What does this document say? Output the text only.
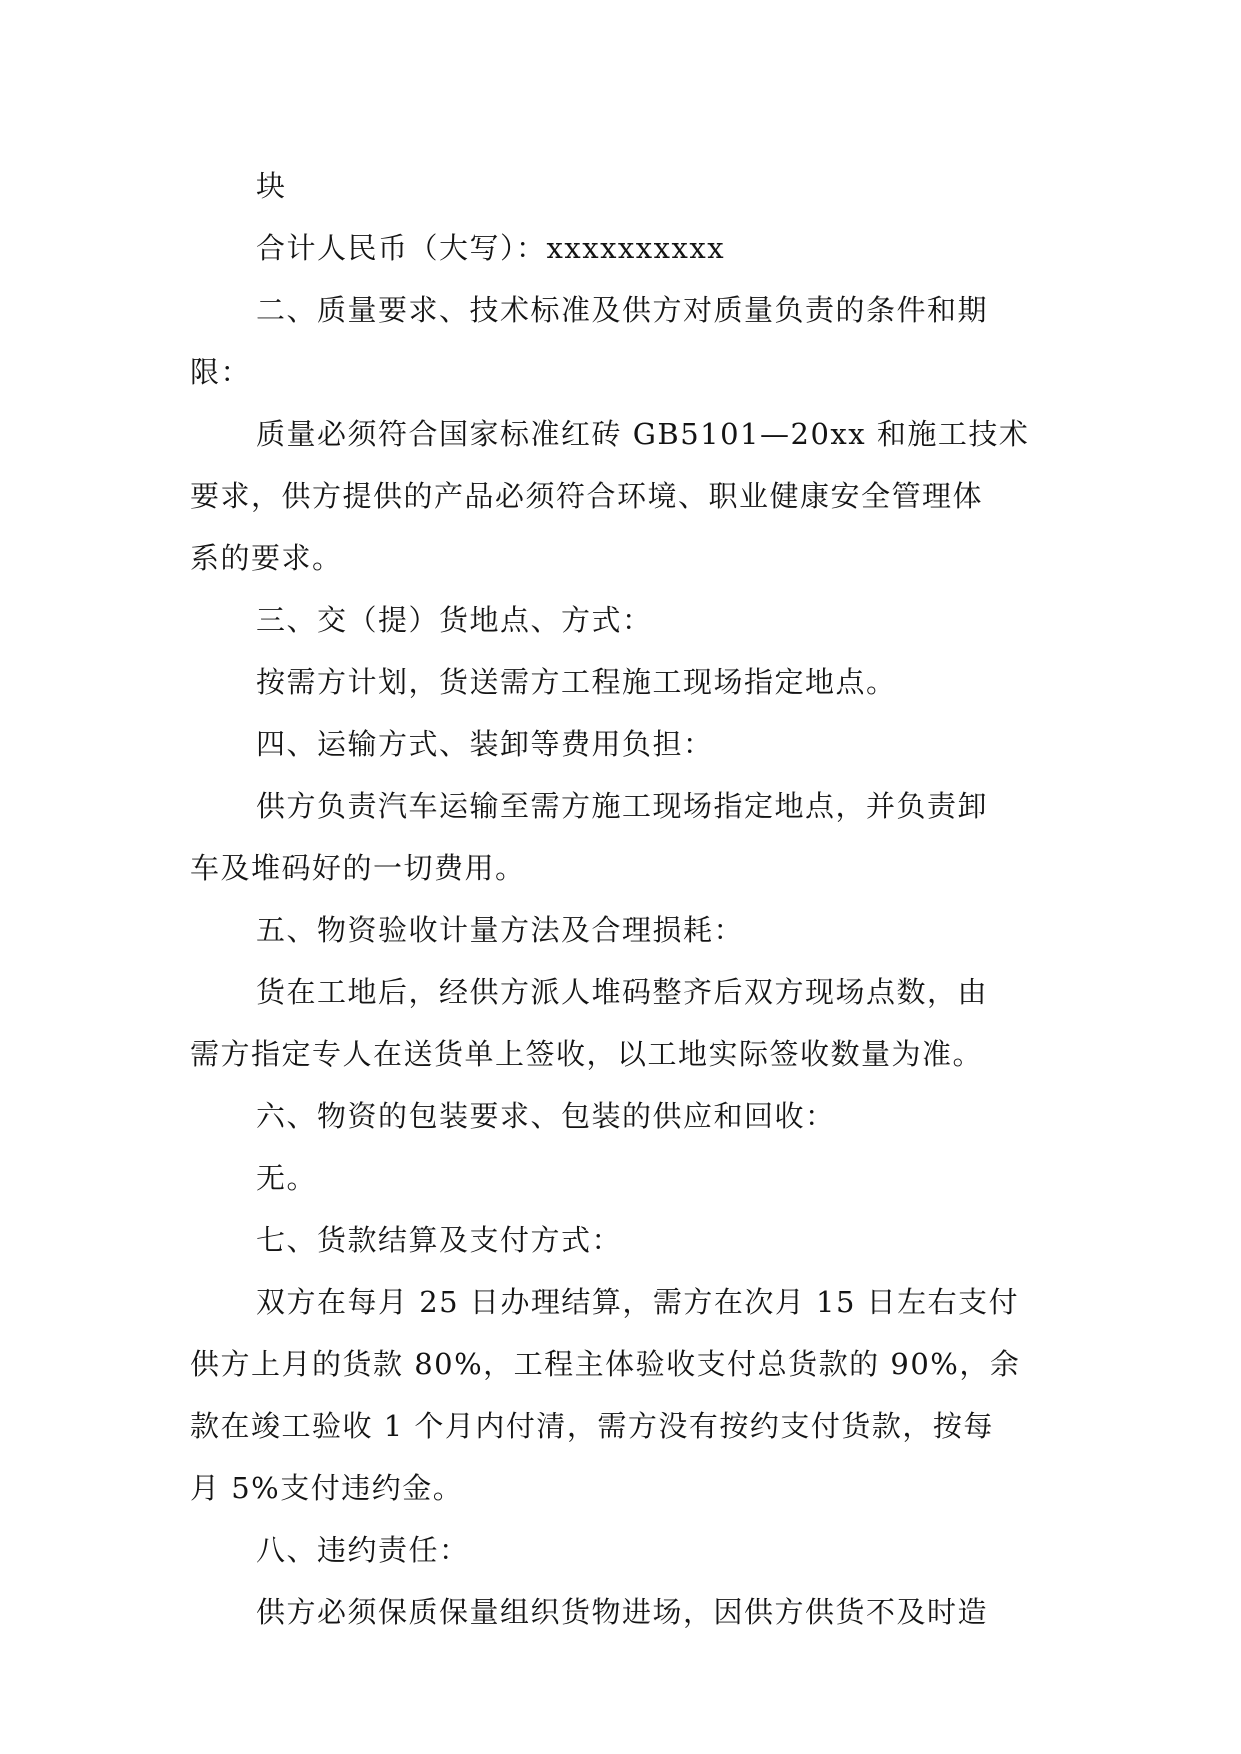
块
合计人民币（大写）：xxxxxxxxxx
二、质量要求、技术标准及供方对质量负责的条件和期
限：
质量必须符合国家标准红砖 GB5101—20xx 和施工技术
要求，供方提供的产品必须符合环境、职业健康安全管理体
系的要求。
三、交（提）货地点、方式：
按需方计划，货送需方工程施工现场指定地点。
四、运输方式、装卸等费用负担：
供方负责汽车运输至需方施工现场指定地点，并负责卸
车及堆码好的一切费用。
五、物资验收计量方法及合理损耗：
货在工地后，经供方派人堆码整齐后双方现场点数，由
需方指定专人在送货单上签收，以工地实际签收数量为准。
六、物资的包装要求、包装的供应和回收：
无。
七、货款结算及支付方式：
双方在每月 25 日办理结算，需方在次月 15 日左右支付
供方上月的货款 80%，工程主体验收支付总货款的 90%，余
款在竣工验收 1 个月内付清，需方没有按约支付货款，按每
月 5%支付违约金。
八、违约责任：
供方必须保质保量组织货物进场，因供方供货不及时造
